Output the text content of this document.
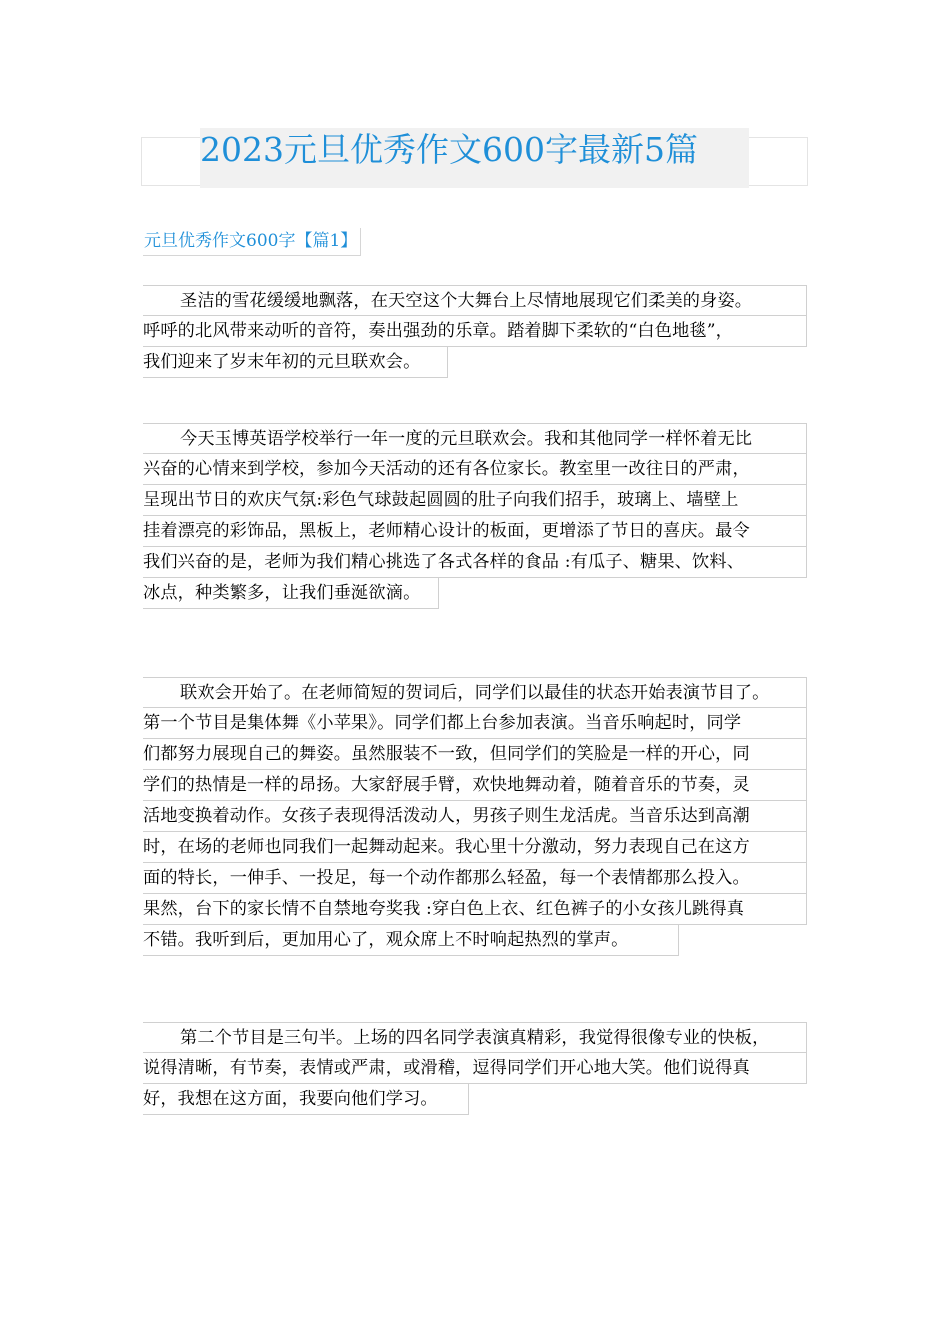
2023元旦优秀作文600字最新5篇
元旦优秀作文600字【篇1】
圣洁的雪花缓缓地飘落，在天空这个大舞台上尽情地展现它们柔美的身姿。
呼呼的北风带来动听的音符，奏出强劲的乐章。踏着脚下柔软的“白色地毯”，
我们迎来了岁末年初的元旦联欢会。
今天玉博英语学校举行一年一度的元旦联欢会。我和其他同学一样怀着无比
兴奋的心情来到学校，参加今天活动的还有各位家长。教室里一改往日的严肃，
呈现出节日的欢庆气氛:彩色气球鼓起圆圆的肚子向我们招手，玻璃上、墙壁上
挂着漂亮的彩饰品，黑板上，老师精心设计的板面，更增添了节日的喜庆。最令
我们兴奋的是，老师为我们精心挑选了各式各样的食品 :有瓜子、糖果、饮料、
冰点，种类繁多，让我们垂涎欲滴。
联欢会开始了。在老师简短的贺词后，同学们以最佳的状态开始表演节目了。
第一个节目是集体舞《小苹果》。同学们都上台参加表演。当音乐响起时，同学
们都努力展现自己的舞姿。虽然服装不一致，但同学们的笑脸是一样的开心，同
学们的热情是一样的昂扬。大家舒展手臂，欢快地舞动着，随着音乐的节奏，灵
活地变换着动作。女孩子表现得活泼动人，男孩子则生龙活虎。当音乐达到高潮
时，在场的老师也同我们一起舞动起来。我心里十分激动，努力表现自己在这方
面的特长，一伸手、一投足，每一个动作都那么轻盈，每一个表情都那么投入。
果然，台下的家长情不自禁地夸奖我 :穿白色上衣、红色裤子的小女孩儿跳得真
不错。我听到后，更加用心了，观众席上不时响起热烈的掌声。
第二个节目是三句半。上场的四名同学表演真精彩，我觉得很像专业的快板，
说得清晰，有节奏，表情或严肃，或滑稽，逗得同学们开心地大笑。他们说得真
好，我想在这方面，我要向他们学习。
